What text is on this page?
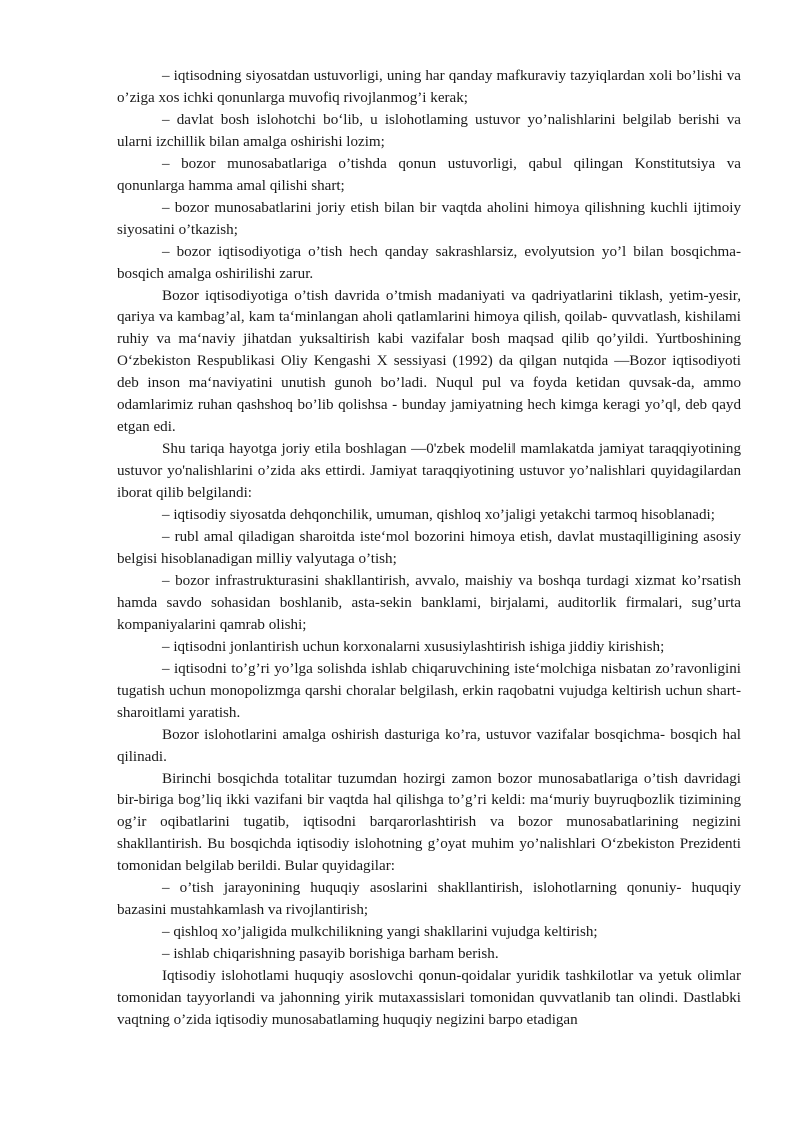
– iqtisodning siyosatdan ustuvorligi, uning har qanday mafkuraviy tazyiqlardan xoli bo’lishi va o’ziga xos ichki qonunlarga muvofiq rivojlanmog’i kerak;

– davlat bosh islohotchi bo‘lib, u islohotlaming ustuvor yo’nalishlarini belgilab berishi va ularni izchillik bilan amalga oshirishi lozim;

– bozor munosabatlariga o’tishda qonun ustuvorligi, qabul qilingan Konstitutsiya va qonunlarga hamma amal qilishi shart;

– bozor munosabatlarini joriy etish bilan bir vaqtda aholini himoya qilishning kuchli ijtimoiy siyosatini o’tkazish;

– bozor iqtisodiyotiga o’tish hech qanday sakrashlarsiz, evolyutsion yo’l bilan bosqichma-bosqich amalga oshirilishi zarur.

Bozor iqtisodiyotiga o’tish davrida o’tmish madaniyati va qadriyatlarini tiklash, yetim-yesir, qariya va kambag’al, kam ta‘minlangan aholi qatlamlarini himoya qilish, qoilab- quvvatlash, kishilami ruhiy va ma‘naviy jihatdan yuksaltirish kabi vazifalar bosh maqsad qilib qo’yildi. Yurtboshining O‘zbekiston Respublikasi Oliy Kengashi X sessiyasi (1992) da qilgan nutqida ―Bozor iqtisodiyoti deb inson ma‘naviyatini unutish gunoh bo’ladi. Nuqul pul va foyda ketidan quvsak-da, ammo odamlarimiz ruhan qashshoq bo’lib qolishsa - bunday jamiyatning hech kimga keragi yo’q‖, deb qayd etgan edi.

Shu tariqa hayotga joriy etila boshlagan ―0'zbek modeli‖ mamlakatda jamiyat taraqqiyotining ustuvor yo'nalishlarini o’zida aks ettirdi. Jamiyat taraqqiyotining ustuvor yo’nalishlari quyidagilardan iborat qilib belgilandi:

– iqtisodiy siyosatda dehqonchilik, umuman, qishloq xo’jaligi yetakchi tarmoq hisoblanadi;

– rubl amal qiladigan sharoitda iste‘mol bozorini himoya etish, davlat mustaqilligining asosiy belgisi hisoblanadigan milliy valyutaga o’tish;

– bozor infrastrukturasini shakllantirish, avvalo, maishiy va boshqa turdagi xizmat ko’rsatish hamda savdo sohasidan boshlanib, asta-sekin banklami, birjalami, auditorlik firmalari, sug’urta kompaniyalarini qamrab olishi;

– iqtisodni jonlantirish uchun korxonalarni xususiylashtirish ishiga jiddiy kirishish;

– iqtisodni to’g’ri yo’lga solishda ishlab chiqaruvchining iste‘molchiga nisbatan zo’ravonligini tugatish uchun monopolizmga qarshi choralar belgilash, erkin raqobatni vujudga keltirish uchun shart-sharoitlami yaratish.

Bozor islohotlarini amalga oshirish dasturiga ko’ra, ustuvor vazifalar bosqichma- bosqich hal qilinadi.

Birinchi bosqichda totalitar tuzumdan hozirgi zamon bozor munosabatlariga o’tish davridagi bir-biriga bog’liq ikki vazifani bir vaqtda hal qilishga to’g’ri keldi: ma‘muriy buyruqbozlik tizimining og’ir oqibatlarini tugatib, iqtisodni barqarorlashtirish va bozor munosabatlarining negizini shakllantirish. Bu bosqichda iqtisodiy islohotning g’oyat muhim yo’nalishlari O‘zbekiston Prezidenti tomonidan belgilab berildi. Bular quyidagilar:

– o’tish jarayonining huquqiy asoslarini shakllantirish, islohotlarning qonuniy- huquqiy bazasini mustahkamlash va rivojlantirish;

– qishloq xo’jaligida mulkchilikning yangi shakllarini vujudga keltirish;

– ishlab chiqarishning pasayib borishiga barham berish.

Iqtisodiy islohotlami huquqiy asoslovchi qonun-qoidalar yuridik tashkilotlar va yetuk olimlar tomonidan tayyorlandi va jahonning yirik mutaxassislari tomonidan quvvatlanib tan olindi. Dastlabki vaqtning o’zida iqtisodiy munosabatlaming huquqiy negizini barpo etadigan
